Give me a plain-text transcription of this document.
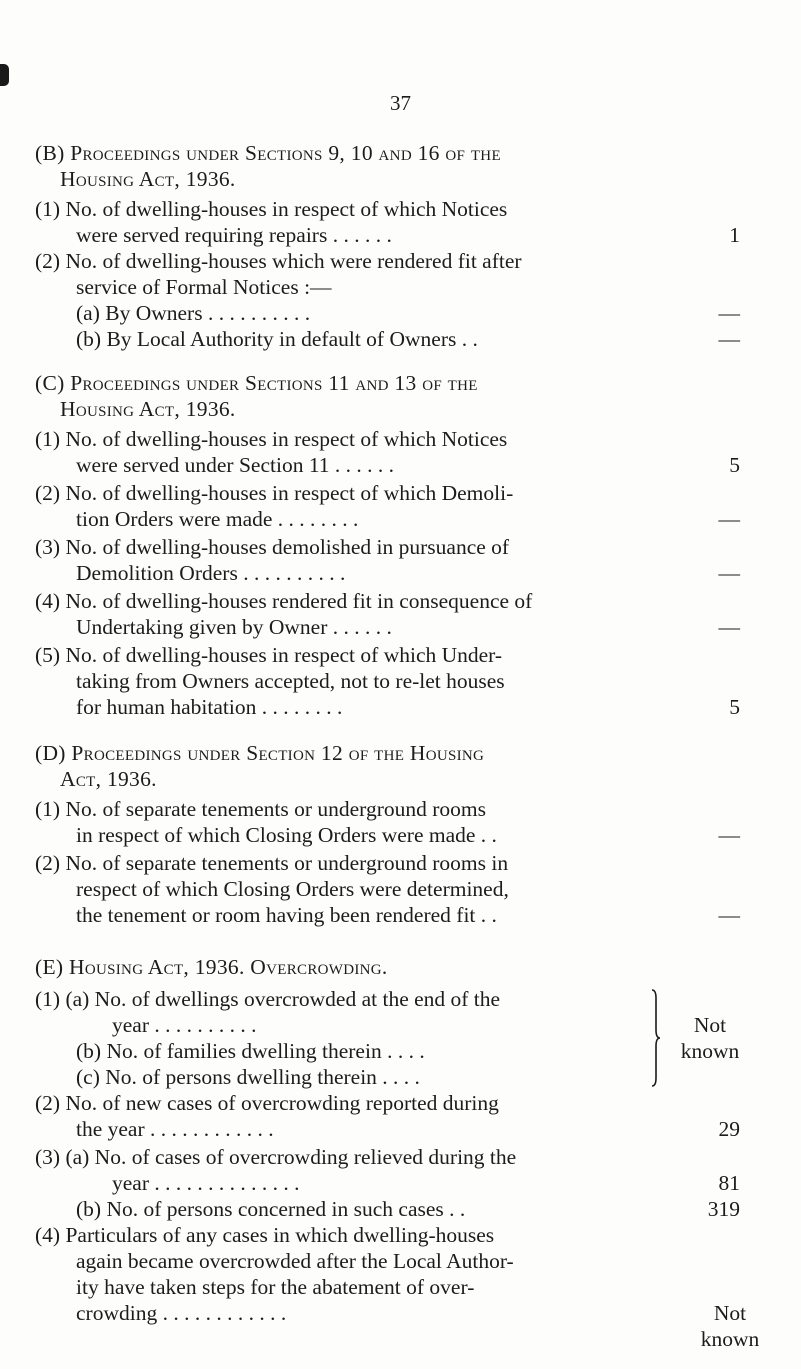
37
(B) Proceedings under Sections 9, 10 and 16 of the
Housing Act, 1936.
(1) No. of dwelling-houses in respect of which Notices
were served requiring repairs . . . . . .	1
(2) No. of dwelling-houses which were rendered fit after
service of Formal Notices :—
(a) By Owners . . . . . . . . . .	—
(b) By Local Authority in default of Owners . .	—
(C) Proceedings under Sections 11 and 13 of the
Housing Act, 1936.
(1) No. of dwelling-houses in respect of which Notices
were served under Section 11 . . . . . .	5
(2) No. of dwelling-houses in respect of which Demoli-
tion Orders were made . . . . . . . .	—
(3) No. of dwelling-houses demolished in pursuance of
Demolition Orders . . . . . . . . . .	—
(4) No. of dwelling-houses rendered fit in consequence of
Undertaking given by Owner . . . . . .	—
(5) No. of dwelling-houses in respect of which Under-
taking from Owners accepted, not to re-let houses
for human habitation . . . . . . . .	5
(D) Proceedings under Section 12 of the Housing
Act, 1936.
(1) No. of separate tenements or underground rooms
in respect of which Closing Orders were made . .	—
(2) No. of separate tenements or underground rooms in
respect of which Closing Orders were determined,
the tenement or room having been rendered fit . .	—
(E) Housing Act, 1936. Overcrowding.
(1) (a) No. of dwellings overcrowded at the end of the
year . . . . . . . . . .
(b) No. of families dwelling therein . . . .
(c) No. of persons dwelling therein . . . .
Not
known
(2) No. of new cases of overcrowding reported during
the year . . . . . . . . . . . .	29
(3) (a) No. of cases of overcrowding relieved during the
year . . . . . . . . . . . . . .	81
(b) No. of persons concerned in such cases . .	319
(4) Particulars of any cases in which dwelling-houses
again became overcrowded after the Local Author-
ity have taken steps for the abatement of over-
crowding . . . . . . . . . . . .	Not
known
